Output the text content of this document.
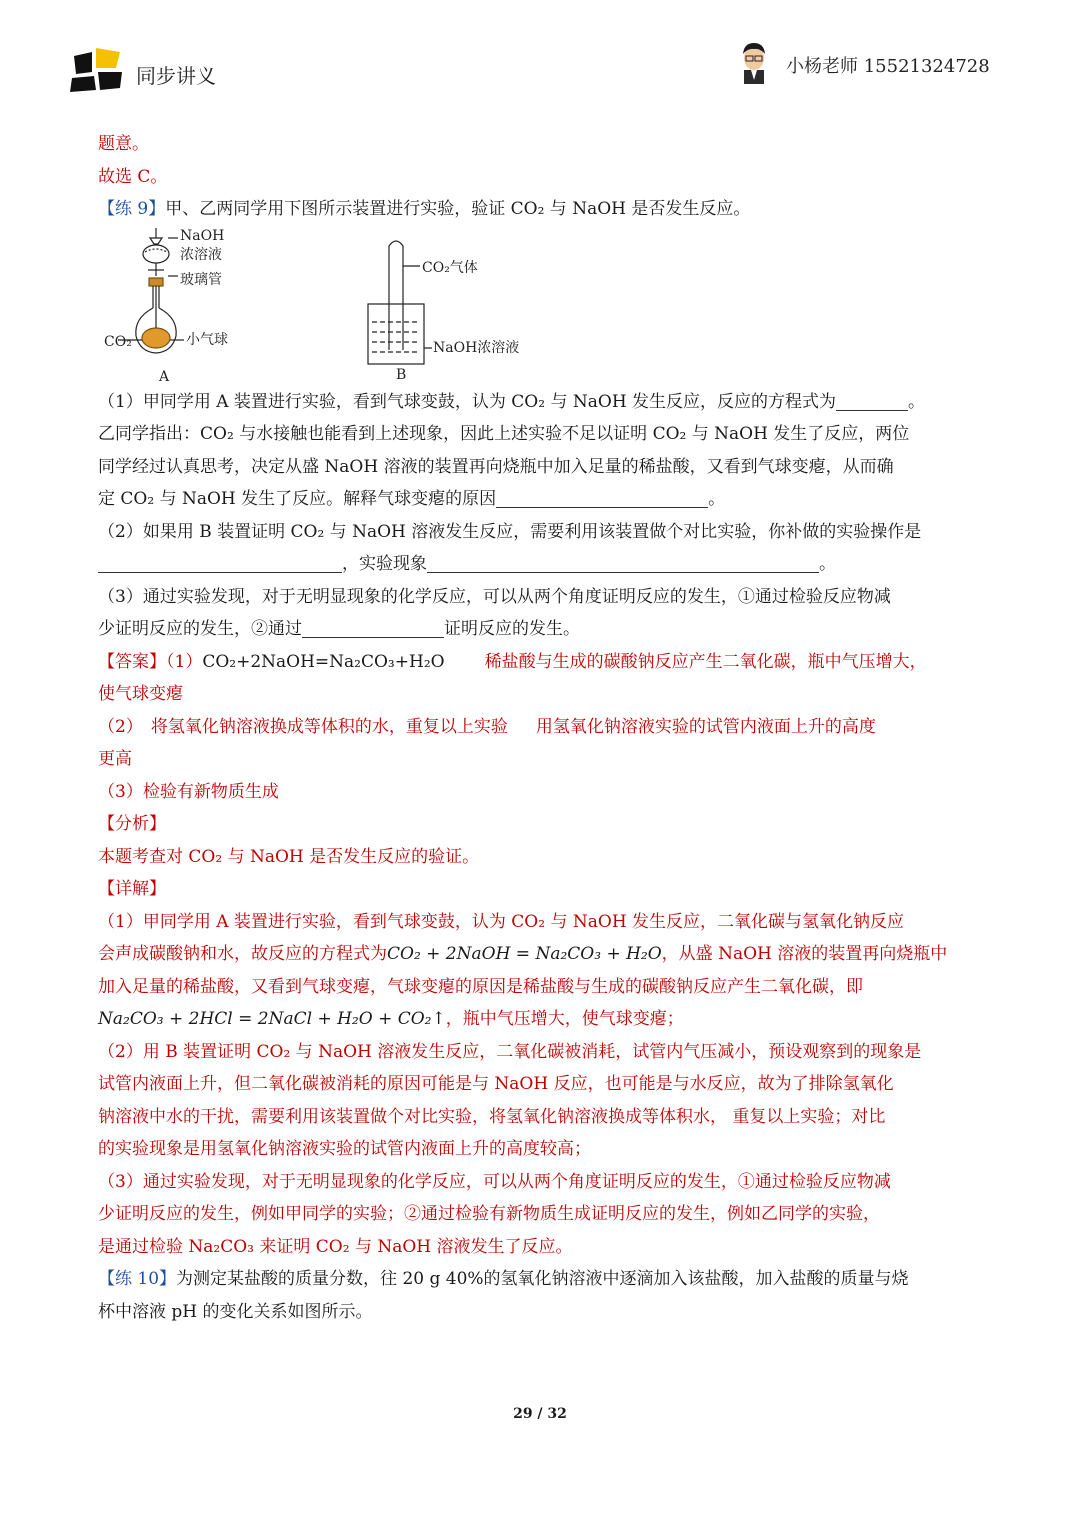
同步讲义	小杨老师 15521324728
题意。
故选 C。
【练 9】甲、乙两同学用下图所示装置进行实验，验证 CO₂ 与 NaOH 是否发生反应。
NaOH
浓溶液
玻璃管
CO₂	小气球
A
CO₂气体
NaOH浓溶液
B
（1）甲同学用 A 装置进行实验，看到气球变鼓，认为 CO₂ 与 NaOH 发生反应，反应的方程式为	。
乙同学指出：CO₂ 与水接触也能看到上述现象，因此上述实验不足以证明 CO₂ 与 NaOH 发生了反应，两位
同学经过认真思考，决定从盛 NaOH 溶液的装置再向烧瓶中加入足量的稀盐酸，又看到气球变瘪，从而确
定 CO₂ 与 NaOH 发生了反应。解释气球变瘪的原因	。
（2）如果用 B 装置证明 CO₂ 与 NaOH 溶液发生反应，需要利用该装置做个对比实验，你补做的实验操作是
，实验现象	。
（3）通过实验发现，对于无明显现象的化学反应，可以从两个角度证明反应的发生，①通过检验反应物减
少证明反应的发生，②通过	证明反应的发生。
【答案】（1）CO₂+2NaOH=Na₂CO₃+H₂O 稀盐酸与生成的碳酸钠反应产生二氧化碳，瓶中气压增大，
使气球变瘪
（2） 将氢氧化钠溶液换成等体积的水，重复以上实验 用氢氧化钠溶液实验的试管内液面上升的高度
更高
（3）检验有新物质生成
【分析】
本题考查对 CO₂ 与 NaOH 是否发生反应的验证。
【详解】
（1）甲同学用 A 装置进行实验，看到气球变鼓，认为 CO₂ 与 NaOH 发生反应，二氧化碳与氢氧化钠反应
会声成碳酸钠和水，故反应的方程式为CO₂ + 2NaOH = Na₂CO₃ + H₂O，从盛 NaOH 溶液的装置再向烧瓶中
加入足量的稀盐酸，又看到气球变瘪，气球变瘪的原因是稀盐酸与生成的碳酸钠反应产生二氧化碳，即
Na₂CO₃ + 2HCl = 2NaCl + H₂O + CO₂↑，瓶中气压增大，使气球变瘪；
（2）用 B 装置证明 CO₂ 与 NaOH 溶液发生反应，二氧化碳被消耗，试管内气压减小，预设观察到的现象是
试管内液面上升，但二氧化碳被消耗的原因可能是与 NaOH 反应，也可能是与水反应，故为了排除氢氧化
钠溶液中水的干扰，需要利用该装置做个对比实验，将氢氧化钠溶液换成等体积水， 重复以上实验；对比
的实验现象是用氢氧化钠溶液实验的试管内液面上升的高度较高；
（3）通过实验发现，对于无明显现象的化学反应，可以从两个角度证明反应的发生，①通过检验反应物减
少证明反应的发生，例如甲同学的实验；②通过检验有新物质生成证明反应的发生，例如乙同学的实验，
是通过检验 Na₂CO₃ 来证明 CO₂ 与 NaOH 溶液发生了反应。
【练 10】为测定某盐酸的质量分数，往 20 g 40%的氢氧化钠溶液中逐滴加入该盐酸，加入盐酸的质量与烧
杯中溶液 pH 的变化关系如图所示。
29 / 32
